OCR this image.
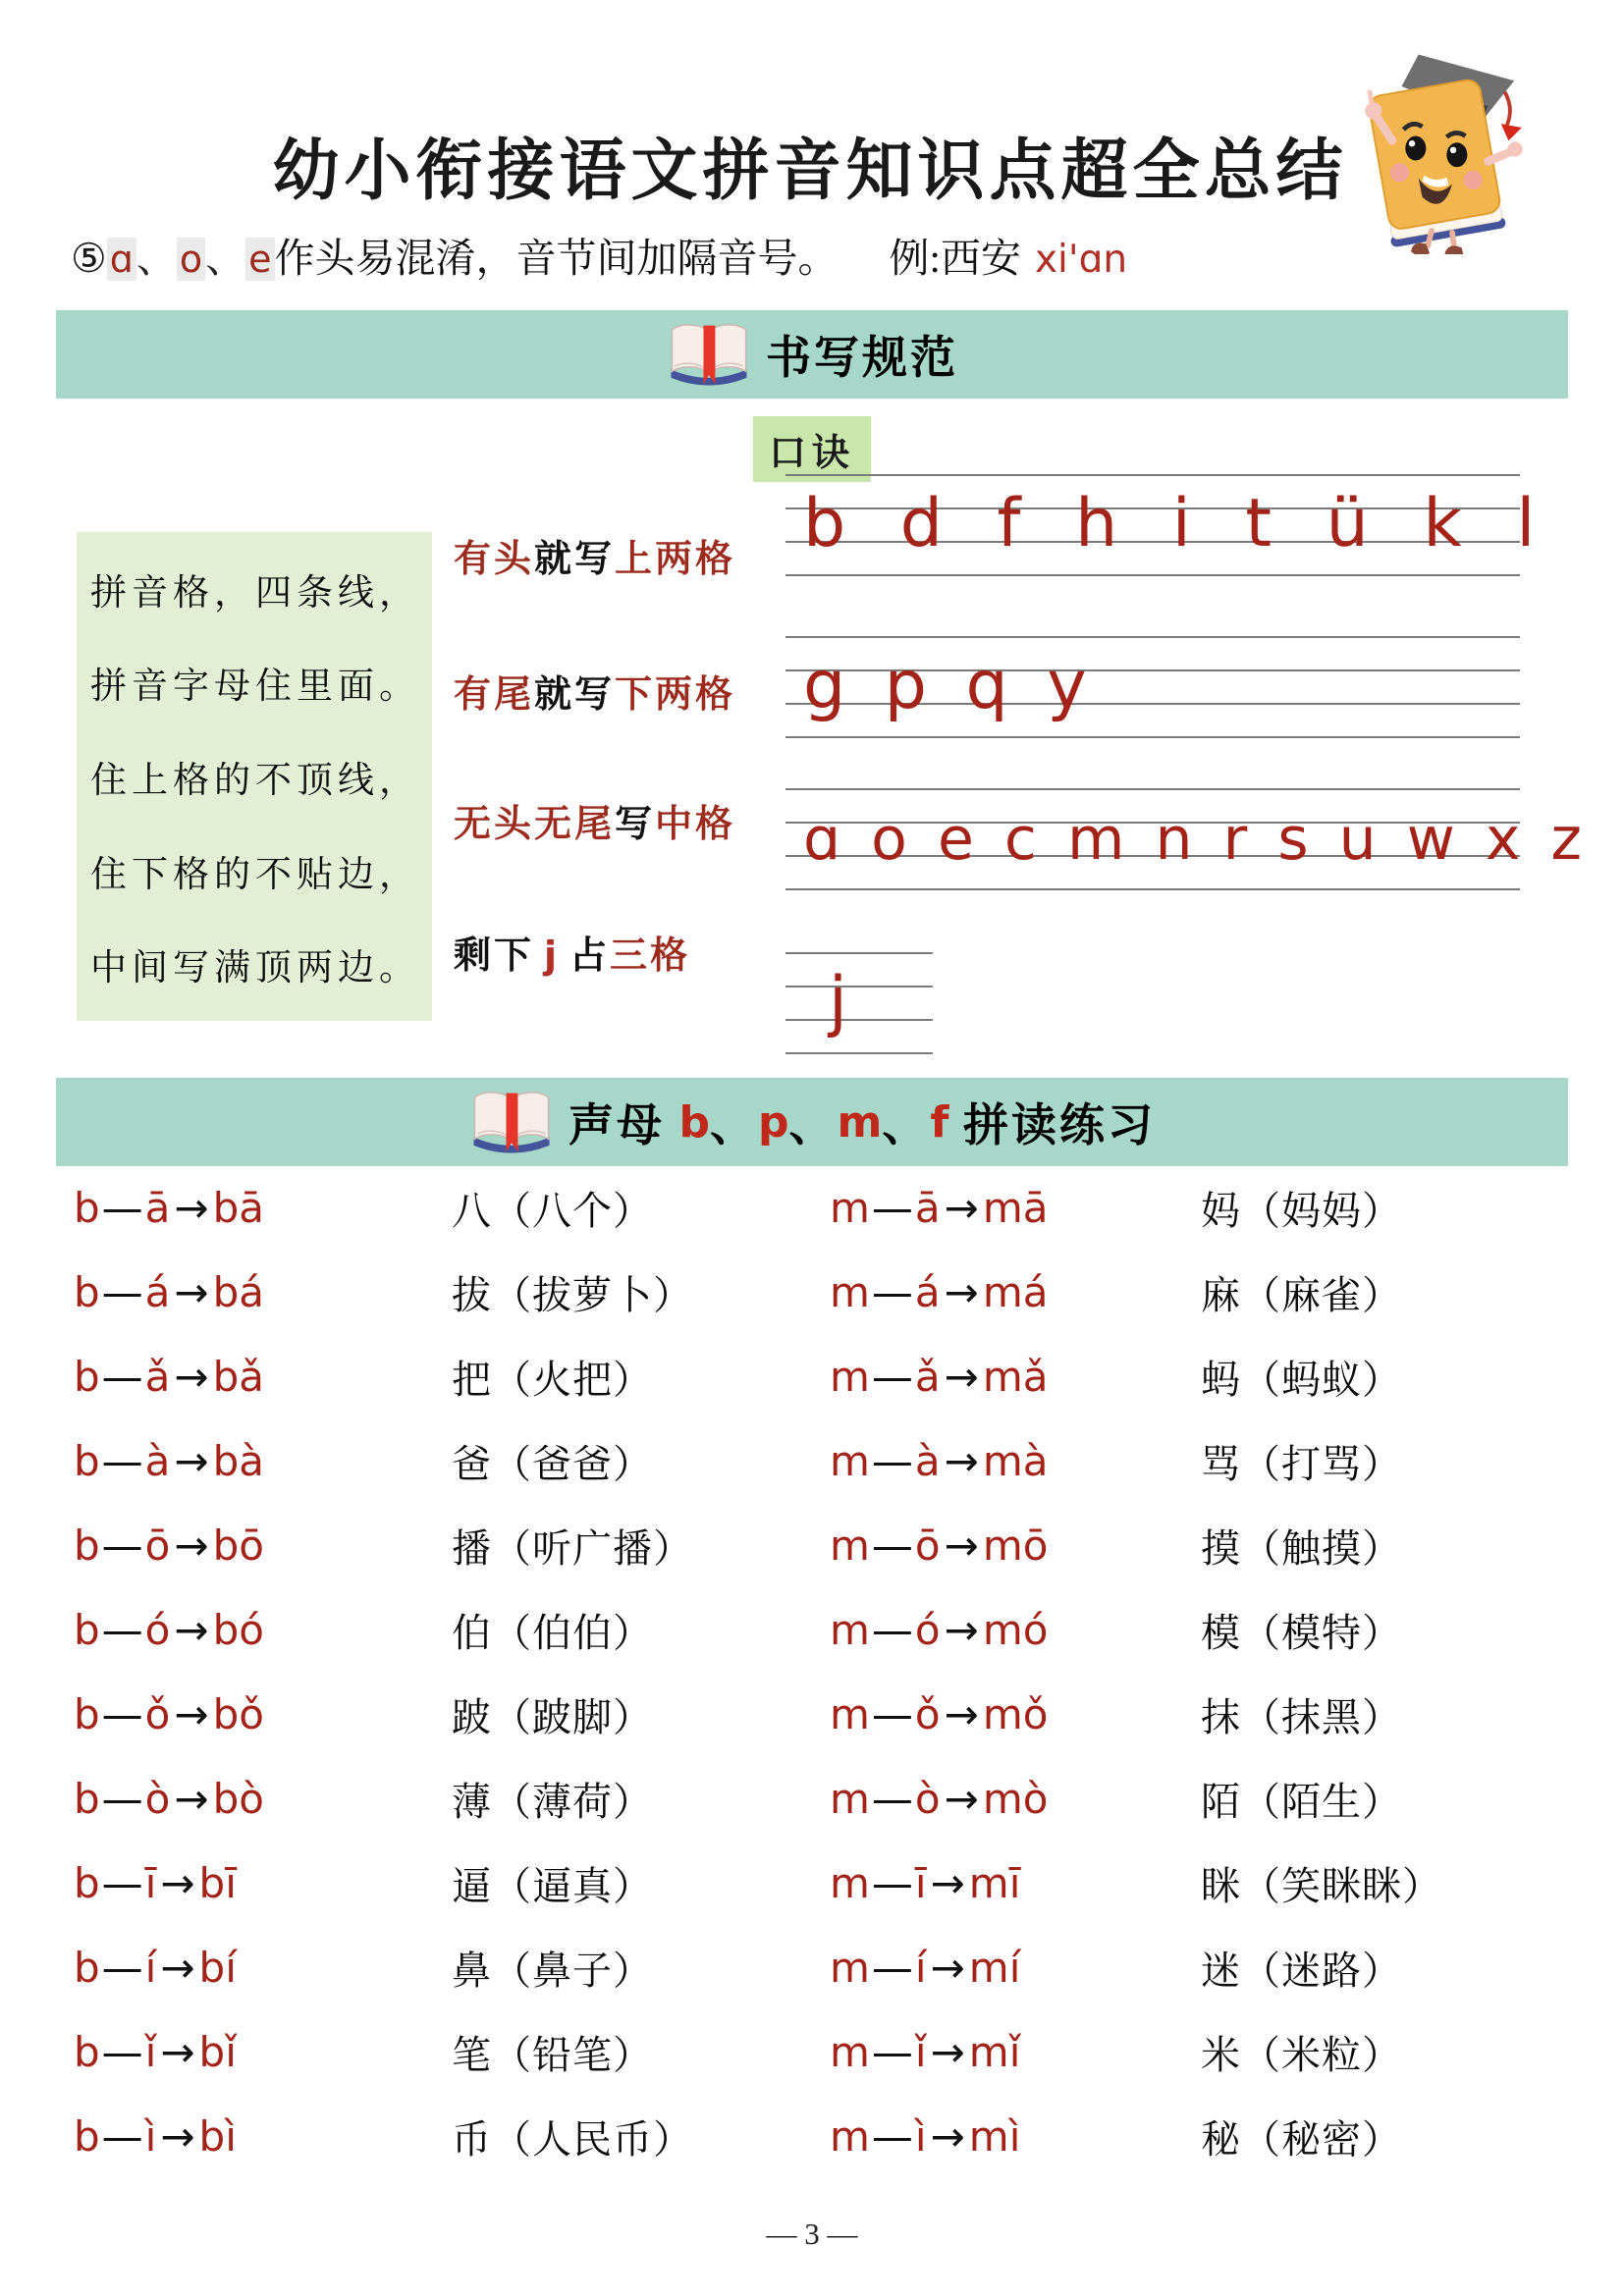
幼小衔接语文拼音知识点超全总结
⑤ɑ、o、e作头易混淆，音节间加隔音号。 例:西安 xi'ɑn
书写规范
口诀
拼音格，四条线，
拼音字母住里面。
住上格的不顶线，
住下格的不贴边，
中间写满顶两边。
有头就写上两格
有尾就写下两格
无头无尾写中格
剩下 j 占三格
b d f h i t ü k l
g p q y
ɑ o e c m n r s u w x z
j
声母
b 、 p 、 m 、 f
拼读练习
b—ā→bā	八（八个）	m—ā→mā	妈（妈妈）
b—á→bá	拔（拔萝卜）	m—á→má	麻（麻雀）
b—ǎ→bǎ	把（火把）	m—ǎ→mǎ	蚂（蚂蚁）
b—à→bà	爸（爸爸）	m—à→mà	骂（打骂）
b—ō→bō	播（听广播）	m—ō→mō	摸（触摸）
b—ó→bó	伯（伯伯）	m—ó→mó	模（模特）
b—ǒ→bǒ	跛（跛脚）	m—ǒ→mǒ	抹（抹黑）
b—ò→bò	薄（薄荷）	m—ò→mò	陌（陌生）
b—ī→bī	逼（逼真）	m—ī→mī	眯（笑眯眯）
b—í→bí	鼻（鼻子）	m—í→mí	迷（迷路）
b—ǐ→bǐ	笔（铅笔）	m—ǐ→mǐ	米（米粒）
b—ì→bì	币（人民币）	m—ì→mì	秘（秘密）
— 3 —
